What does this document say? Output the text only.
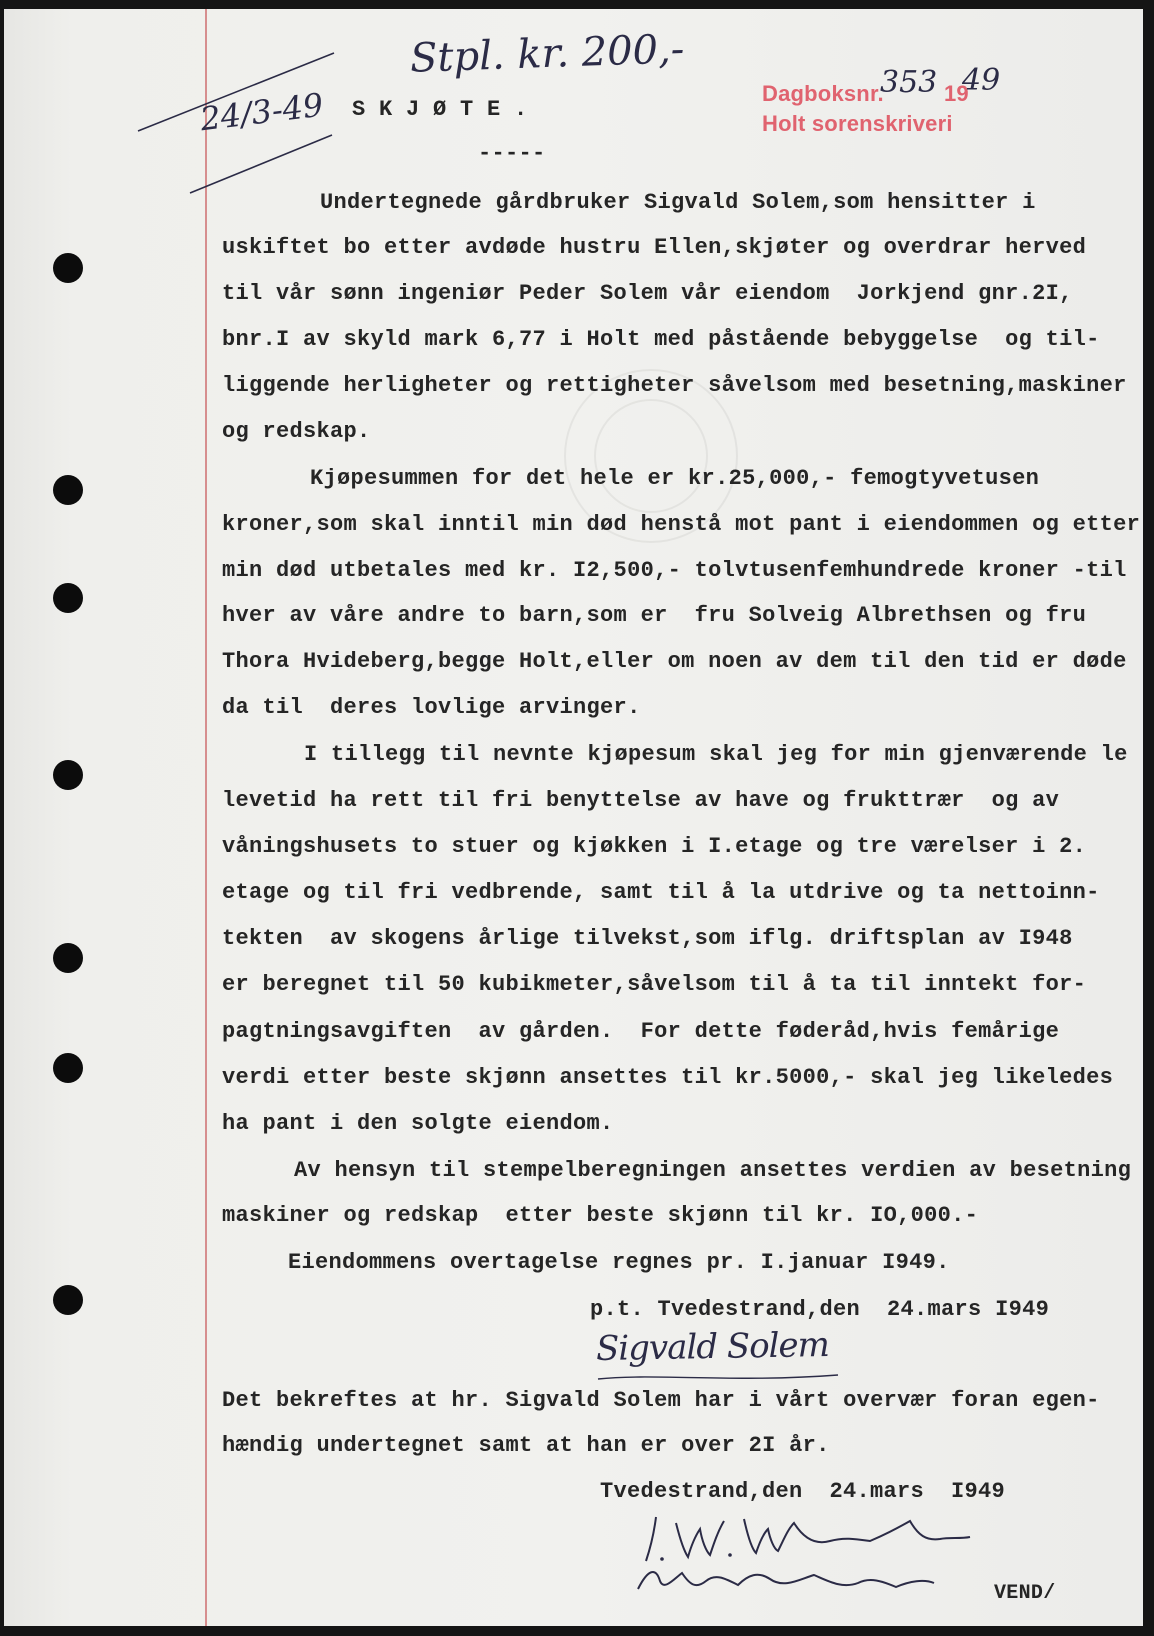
Stpl. kr. 200,-
24/3-49	Dagboksnr.
353 19
49
Holt sorenskriveri
S K J Ø T E .
-----
Undertegnede gårdbruker Sigvald Solem,som hensitter i
uskiftet bo etter avdøde hustru Ellen,skjøter og overdrar herved
til vår sønn ingeniør Peder Solem vår eiendom  Jorkjend gnr.2I,
bnr.I av skyld mark 6,77 i Holt med påstående bebyggelse  og til-
liggende herligheter og rettigheter såvelsom med besetning,maskiner
og redskap.
Kjøpesummen for det hele er kr.25,000,- femogtyvetusen
kroner,som skal inntil min død henstå mot pant i eiendommen og etter
min død utbetales med kr. I2,500,- tolvtusenfemhundrede kroner -til
hver av våre andre to barn,som er  fru Solveig Albrethsen og fru
Thora Hvideberg,begge Holt,eller om noen av dem til den tid er døde
da til  deres lovlige arvinger.
I tillegg til nevnte kjøpesum skal jeg for min gjenværende le
levetid ha rett til fri benyttelse av have og frukttrær  og av
våningshusets to stuer og kjøkken i I.etage og tre værelser i 2.
etage og til fri vedbrende, samt til å la utdrive og ta nettoinn-
tekten  av skogens årlige tilvekst,som iflg. driftsplan av I948
er beregnet til 50 kubikmeter,såvelsom til å ta til inntekt for-
pagtningsavgiften  av gården.  For dette føderåd,hvis femårige
verdi etter beste skjønn ansettes til kr.5000,- skal jeg likeledes
ha pant i den solgte eiendom.
Av hensyn til stempelberegningen ansettes verdien av besetning
maskiner og redskap  etter beste skjønn til kr. IO,000.-
Eiendommens overtagelse regnes pr. I.januar I949.
p.t. Tvedestrand,den  24.mars I949
Sigvald Solem
Det bekreftes at hr. Sigvald Solem har i vårt overvær foran egen-
hændig undertegnet samt at han er over 2I år.
Tvedestrand,den  24.mars  I949
VEND/
